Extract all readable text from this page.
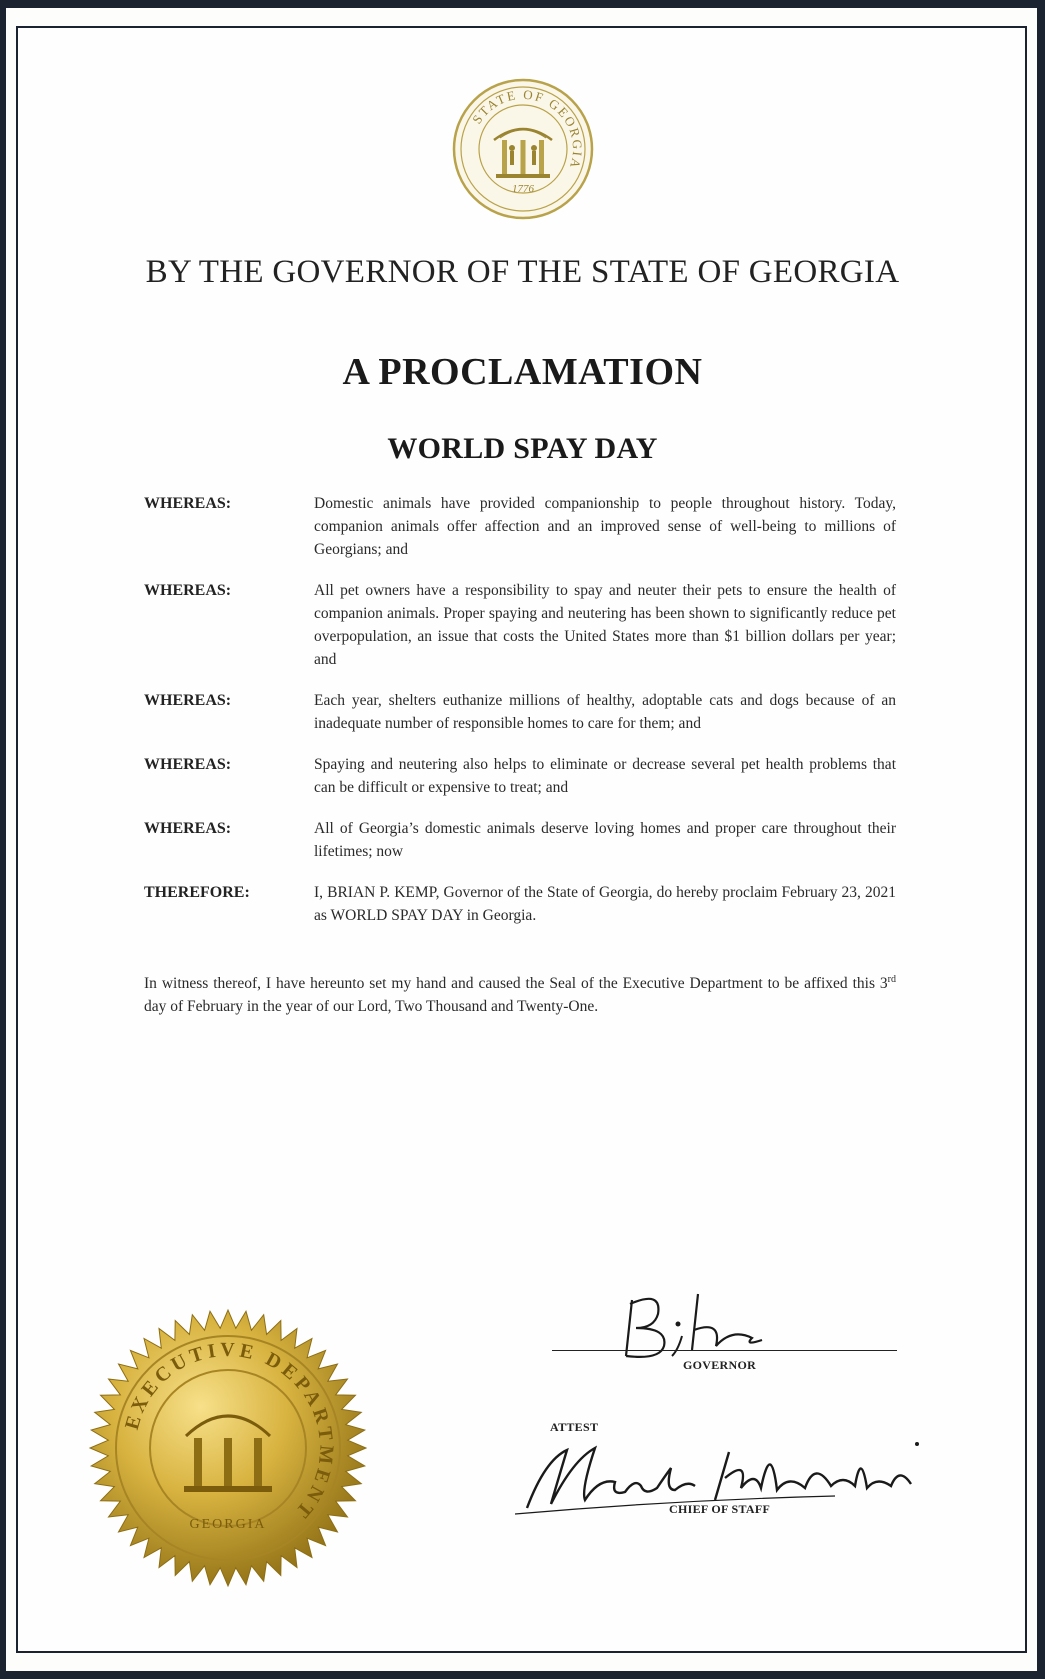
STATE OF GEORGIA
1776
BY THE GOVERNOR OF THE STATE OF GEORGIA
A PROCLAMATION
WORLD SPAY DAY
WHEREAS:	Domestic animals have provided companionship to people throughout history. Today, companion animals offer affection and an improved sense of well-being to millions of Georgians; and
WHEREAS:	All pet owners have a responsibility to spay and neuter their pets to ensure the health of companion animals. Proper spaying and neutering has been shown to significantly reduce pet overpopulation, an issue that costs the United States more than $1 billion dollars per year; and
WHEREAS:	Each year, shelters euthanize millions of healthy, adoptable cats and dogs because of an inadequate number of responsible homes to care for them; and
WHEREAS:	Spaying and neutering also helps to eliminate or decrease several pet health problems that can be difficult or expensive to treat; and
WHEREAS:	All of Georgia’s domestic animals deserve loving homes and proper care throughout their lifetimes; now
THEREFORE:	I, BRIAN P. KEMP, Governor of the State of Georgia, do hereby proclaim February 23, 2021 as WORLD SPAY DAY in Georgia.
In witness thereof, I have hereunto set my hand and caused the Seal of the Executive Department to be affixed this 3rd day of February in the year of our Lord, Two Thousand and Twenty-One.
EXECUTIVE DEPARTMENT
GEORGIA
GOVERNOR
ATTEST
CHIEF OF STAFF
